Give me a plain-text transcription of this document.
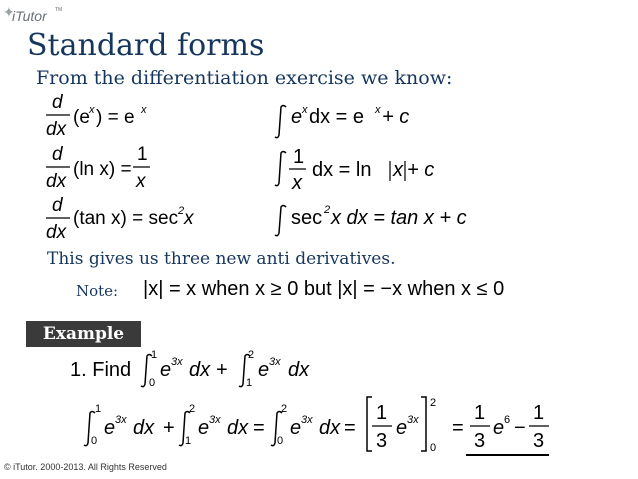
✦
iTutor TM
Standard forms
From the differentiation exercise we know:
d
dx
(e x ) = e x
d
dx
(ln x) =
1
x
d
dx
(tan x) = sec 2 x
e x dx = e x + c
1
x
dx = ln x + c
sec 2 x dx = tan x + c
1. Find
1
0
e 3x dx +
2
1
e 3x dx
1
0
e 3x dx +
2
1
e 3x dx =
2
0
e 3x dx =
1
3
e 3x
2
0
=
1
3
e 6 −
1
3
This gives us three new anti derivatives.
Note: |x| = x when x ≥ 0 but |x| = −x when x ≤ 0
Example
© iTutor. 2000-2013. All Rights Reserved
